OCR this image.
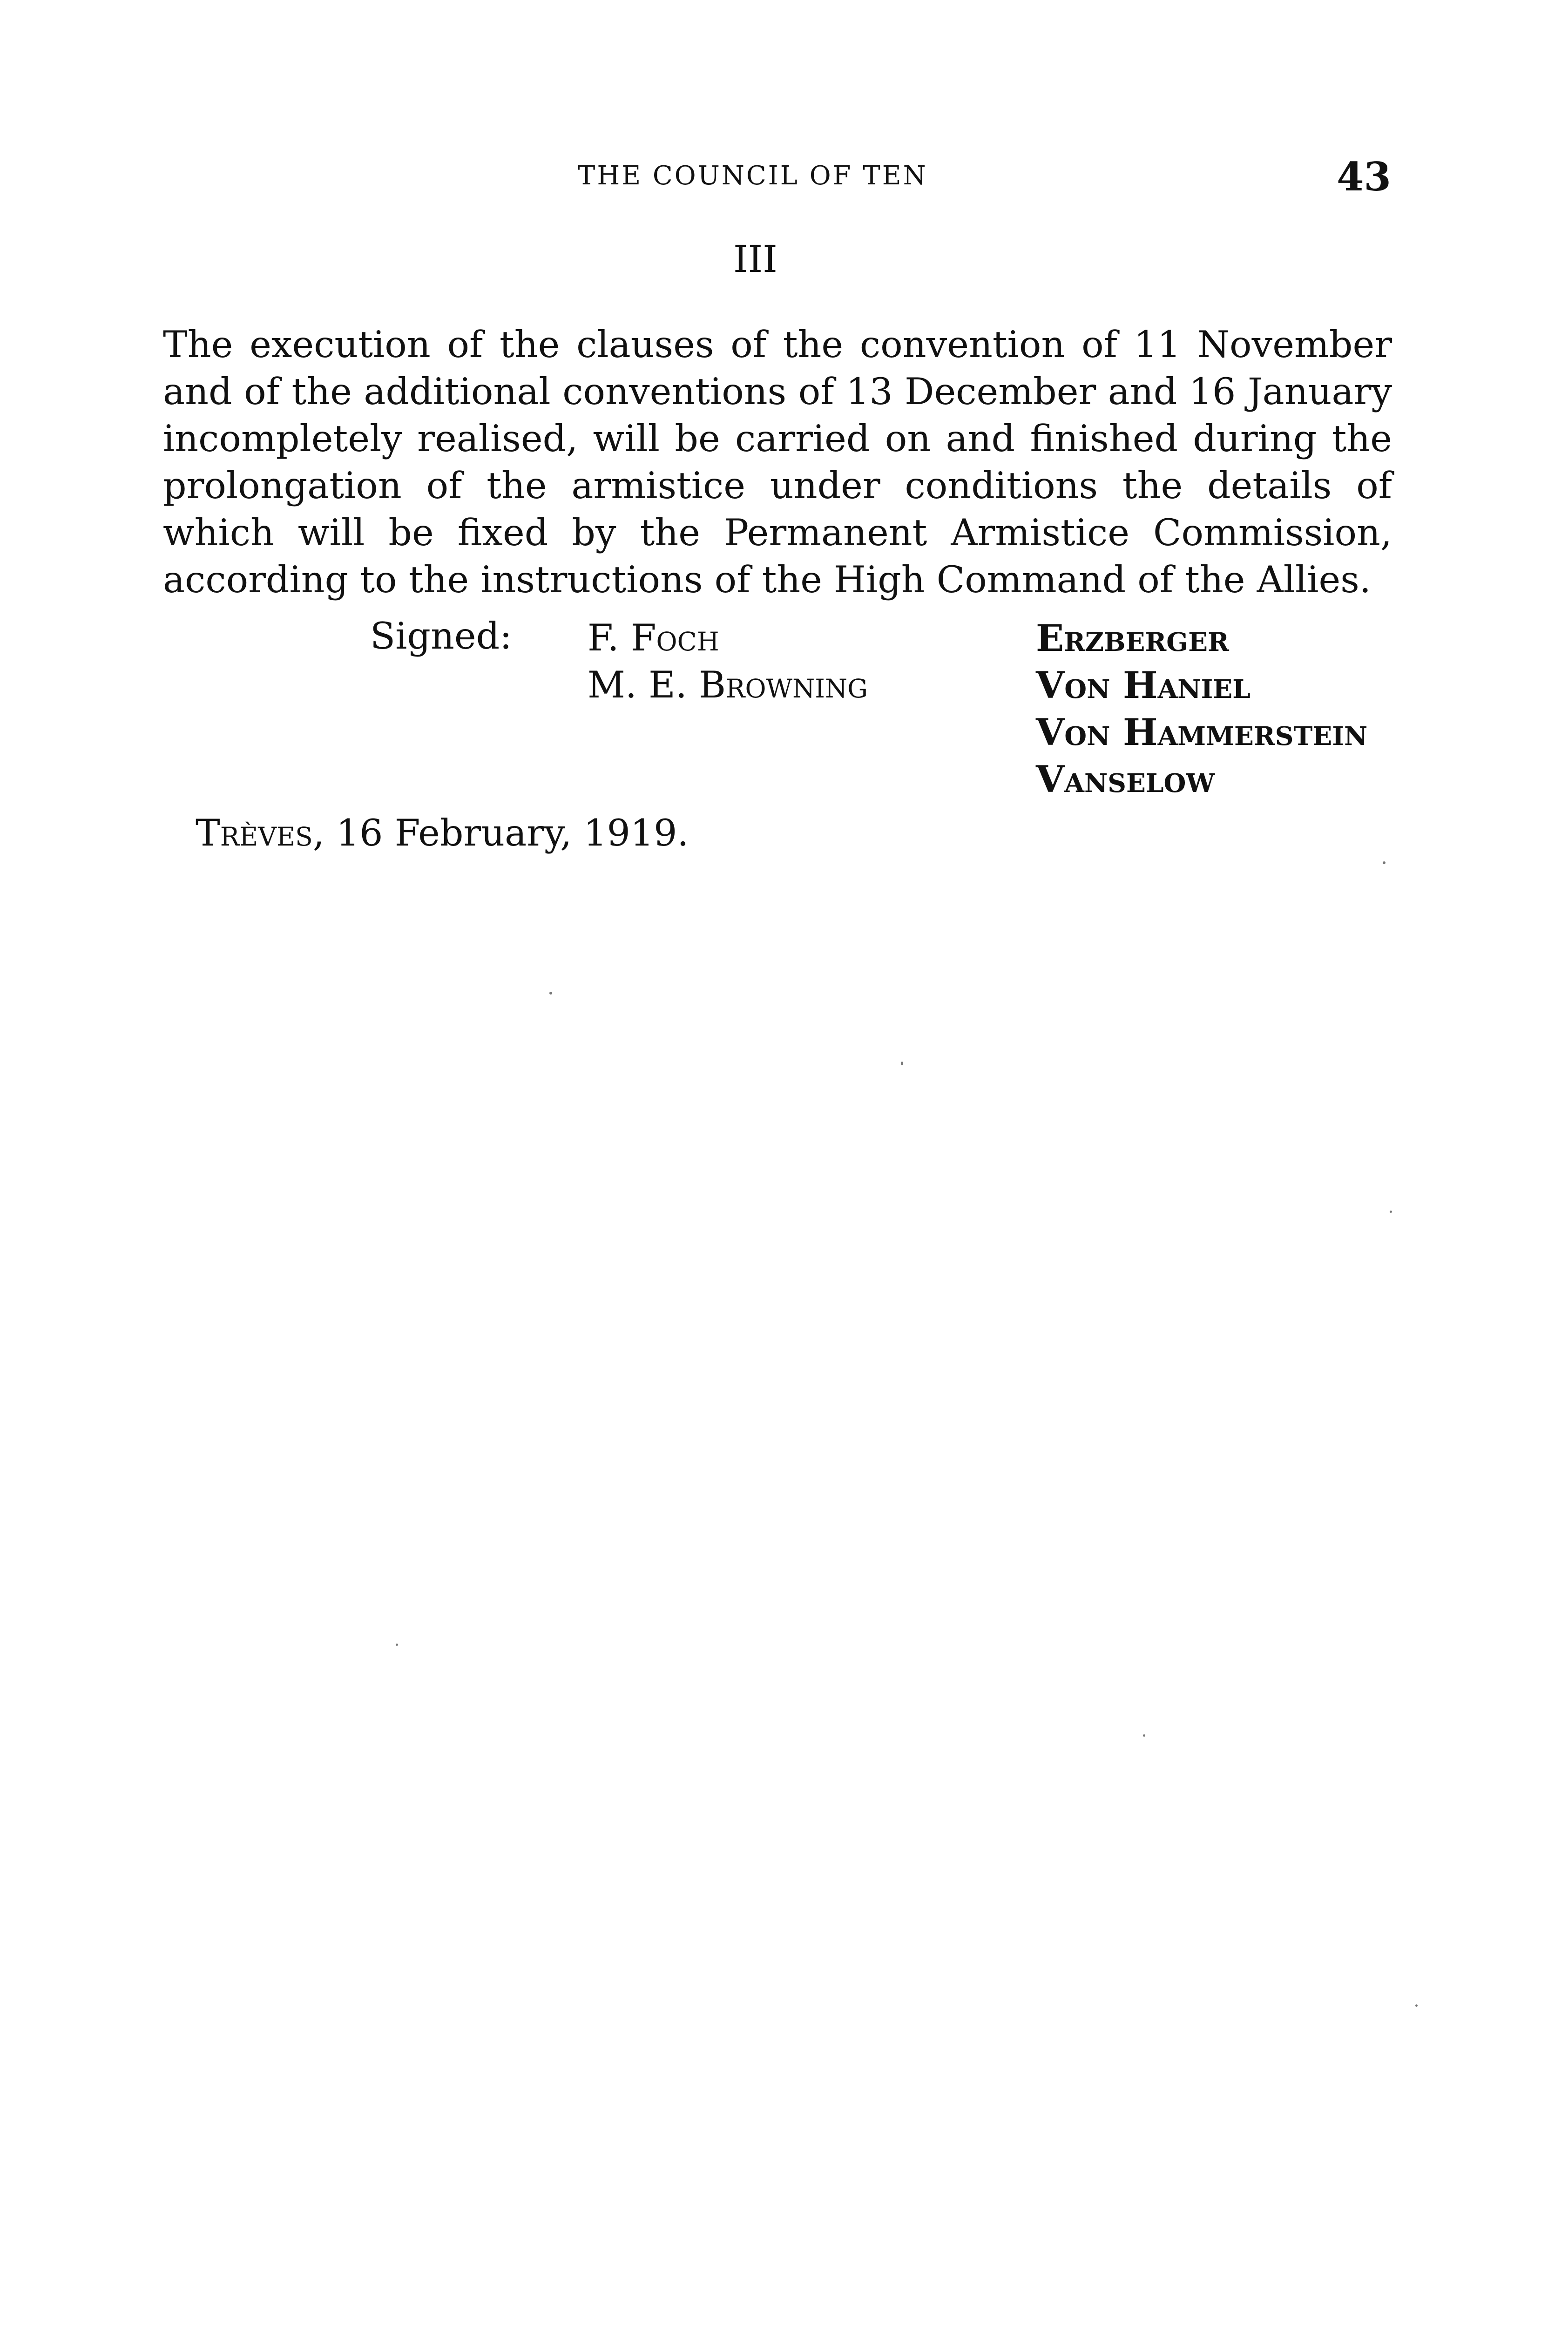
THE COUNCIL OF TEN	43
III

The execution of the clauses of the convention of 11 November and of the additional conventions of 13 December and 16 January incompletely realised, will be carried on and finished during the prolongation of the armistice under conditions the details of which will be fixed by the Permanent Armistice Commission, according to the instructions of the High Command of the Allies.

Signed: F. Foch
M. E. Browning
Erzberger
Von Haniel
Von Hammerstein
Vanselow
Trèves, 16 February, 1919.
